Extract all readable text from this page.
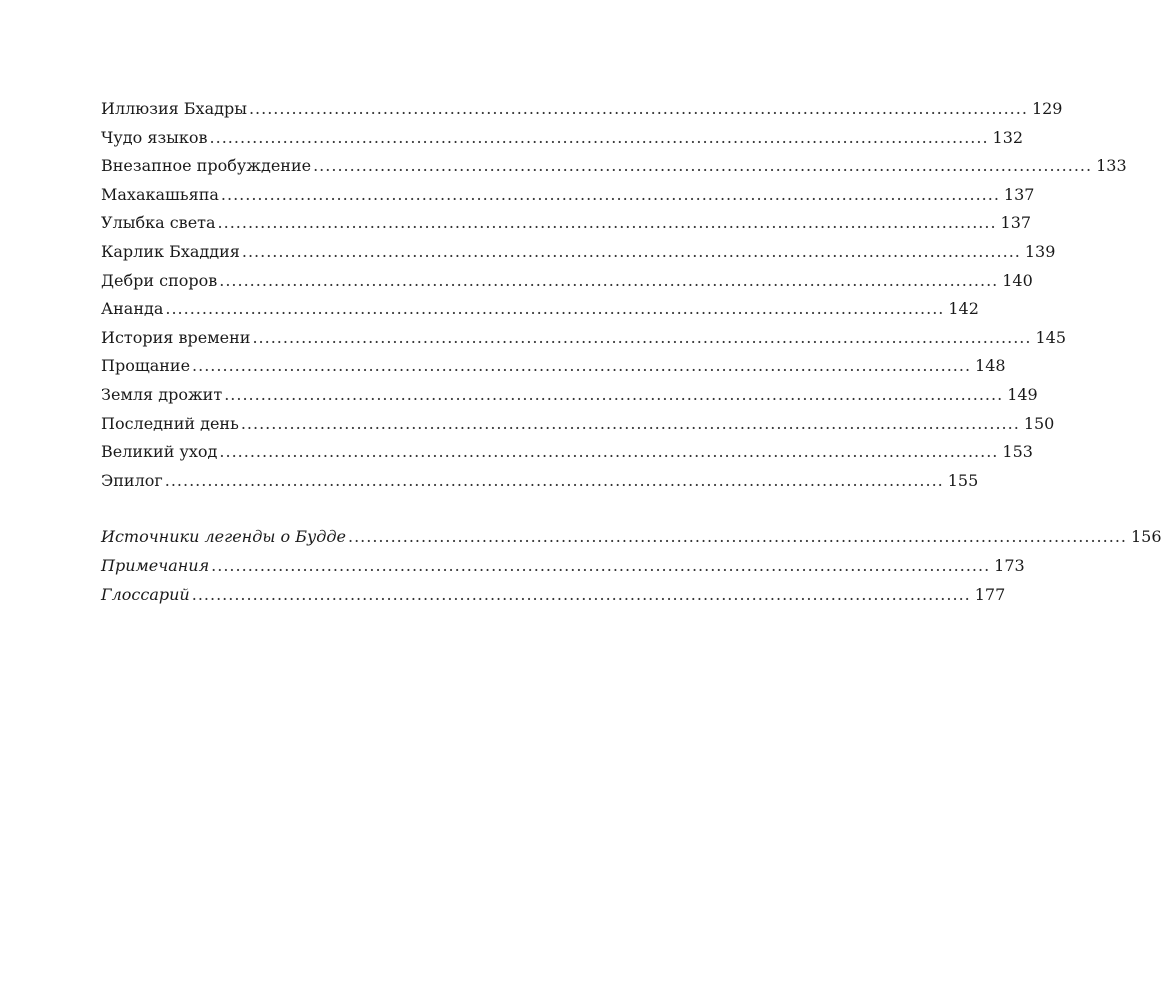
Иллюзия Бхадры ................................................................................................................................ 129
Чудо языков ................................................................................................................................ 132
Внезапное пробуждение ................................................................................................................................ 133
Махакашьяпа ................................................................................................................................ 137
Улыбка света ................................................................................................................................ 137
Карлик Бхаддия ................................................................................................................................ 139
Дебри споров ................................................................................................................................ 140
Ананда ................................................................................................................................ 142
История времени ................................................................................................................................ 145
Прощание ................................................................................................................................ 148
Земля дрожит ................................................................................................................................ 149
Последний день ................................................................................................................................ 150
Великий уход ................................................................................................................................ 153
Эпилог ................................................................................................................................ 155
Источники легенды о Будде ................................................................................................................................ 156
Примечания ................................................................................................................................ 173
Глоссарий ................................................................................................................................ 177
